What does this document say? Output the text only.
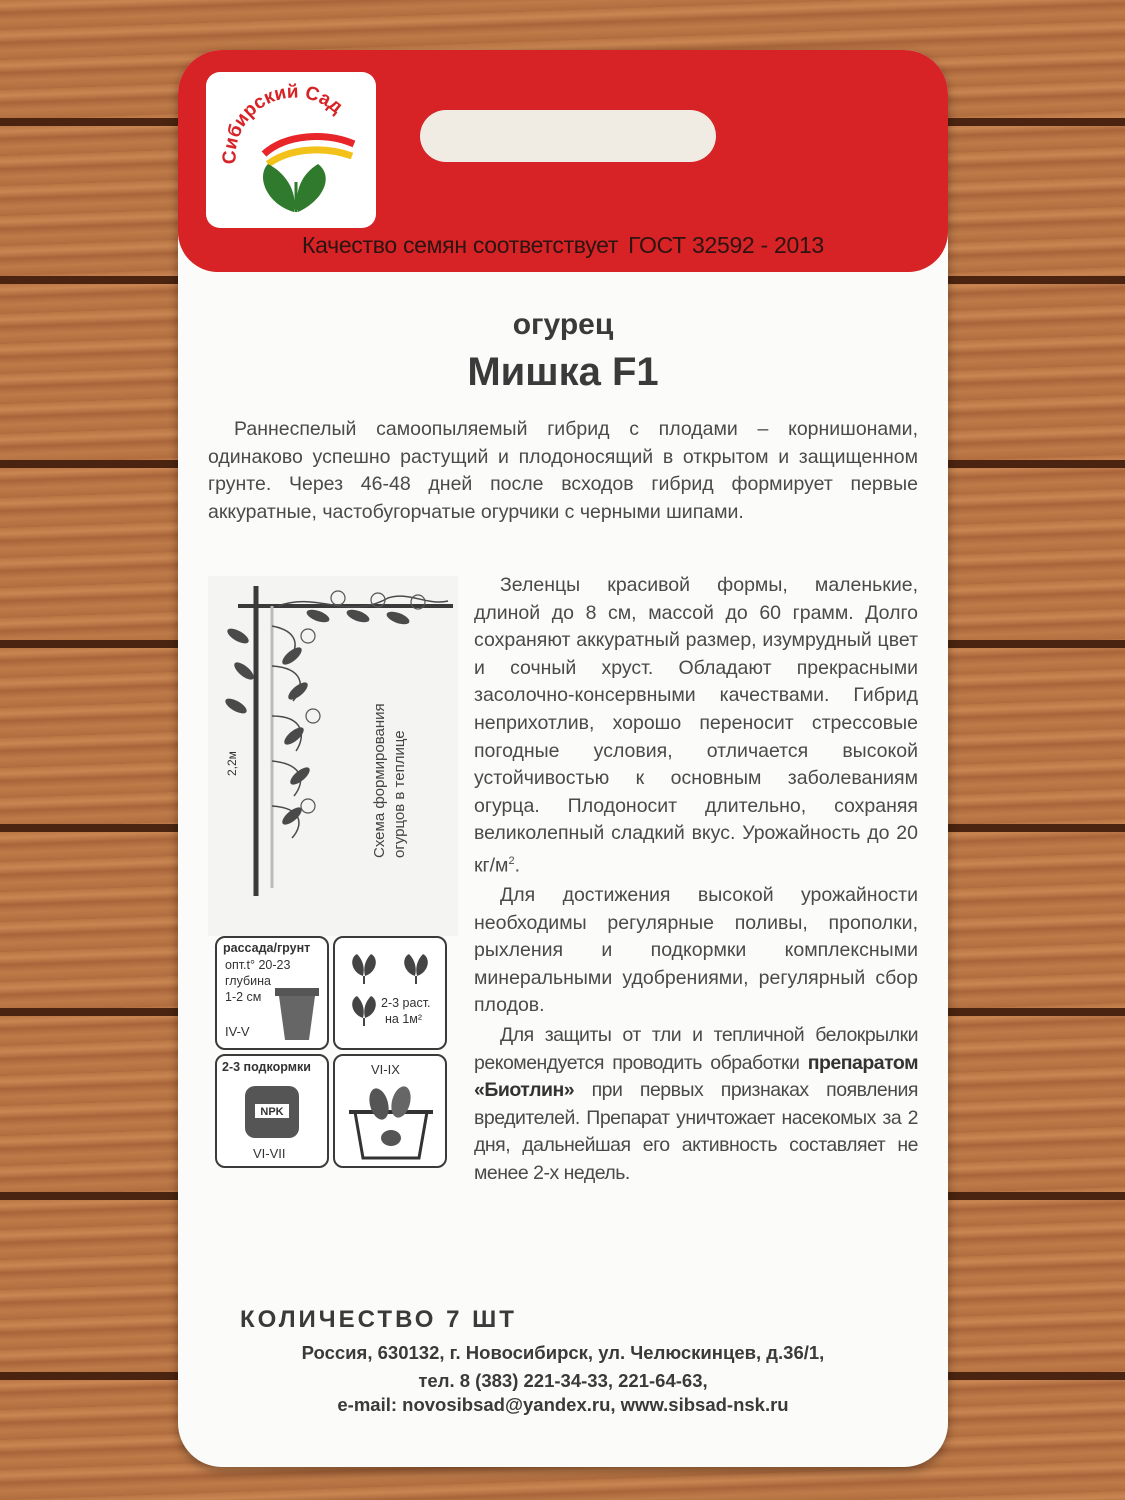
Сибирский Сад
Качество семян соответствует ГОСТ 32592 - 2013
огурец
Мишка F1

Раннеспелый самоопыляемый гибрид с плодами – корнишонами, одинаково успешно растущий и плодоносящий в открытом и защищенном грунте. Через 46-48 дней после всходов гибрид формирует первые аккуратные, частобугорчатые огурчики с черными шипами.

2,2м	Схема формирования огурцов в теплице
рассада/грунт
опт.t° 20-23
глубина
1-2 см
IV-V
2-3 раст.
на 1м²
2-3 подкормки
NPK
VI-VII
VI-IX

Зеленцы красивой формы, маленькие, длиной до 8 см, массой до 60 грамм. Долго сохраняют аккуратный размер, изумрудный цвет и сочный хруст. Обладают прекрасными засолочно-консервными качествами. Гибрид неприхотлив, хорошо переносит стрессовые погодные условия, отличается высокой устойчивостью к основным заболеваниям огурца. Плодоносит длительно, сохраняя великолепный сладкий вкус. Урожайность до 20 $кг/м^2$.

Для достижения высокой урожайности необходимы регулярные поливы, прополки, рыхления и подкормки комплексными минеральными удобрениями, регулярный сбор плодов.

Для защиты от тли и тепличной белокрылки рекомендуется проводить обработки препаратом «Биотлин» при первых признаках появления вредителей. Препарат уничтожает насекомых за 2 дня, дальнейшая его активность составляет не менее 2-х недель.

КОЛИЧЕСТВО 7 ШТ
Россия, 630132, г. Новосибирск, ул. Челюскинцев, д.36/1,
тел. 8 (383) 221-34-33, 221-64-63,
e-mail: novosibsad@yandex.ru, www.sibsad-nsk.ru
